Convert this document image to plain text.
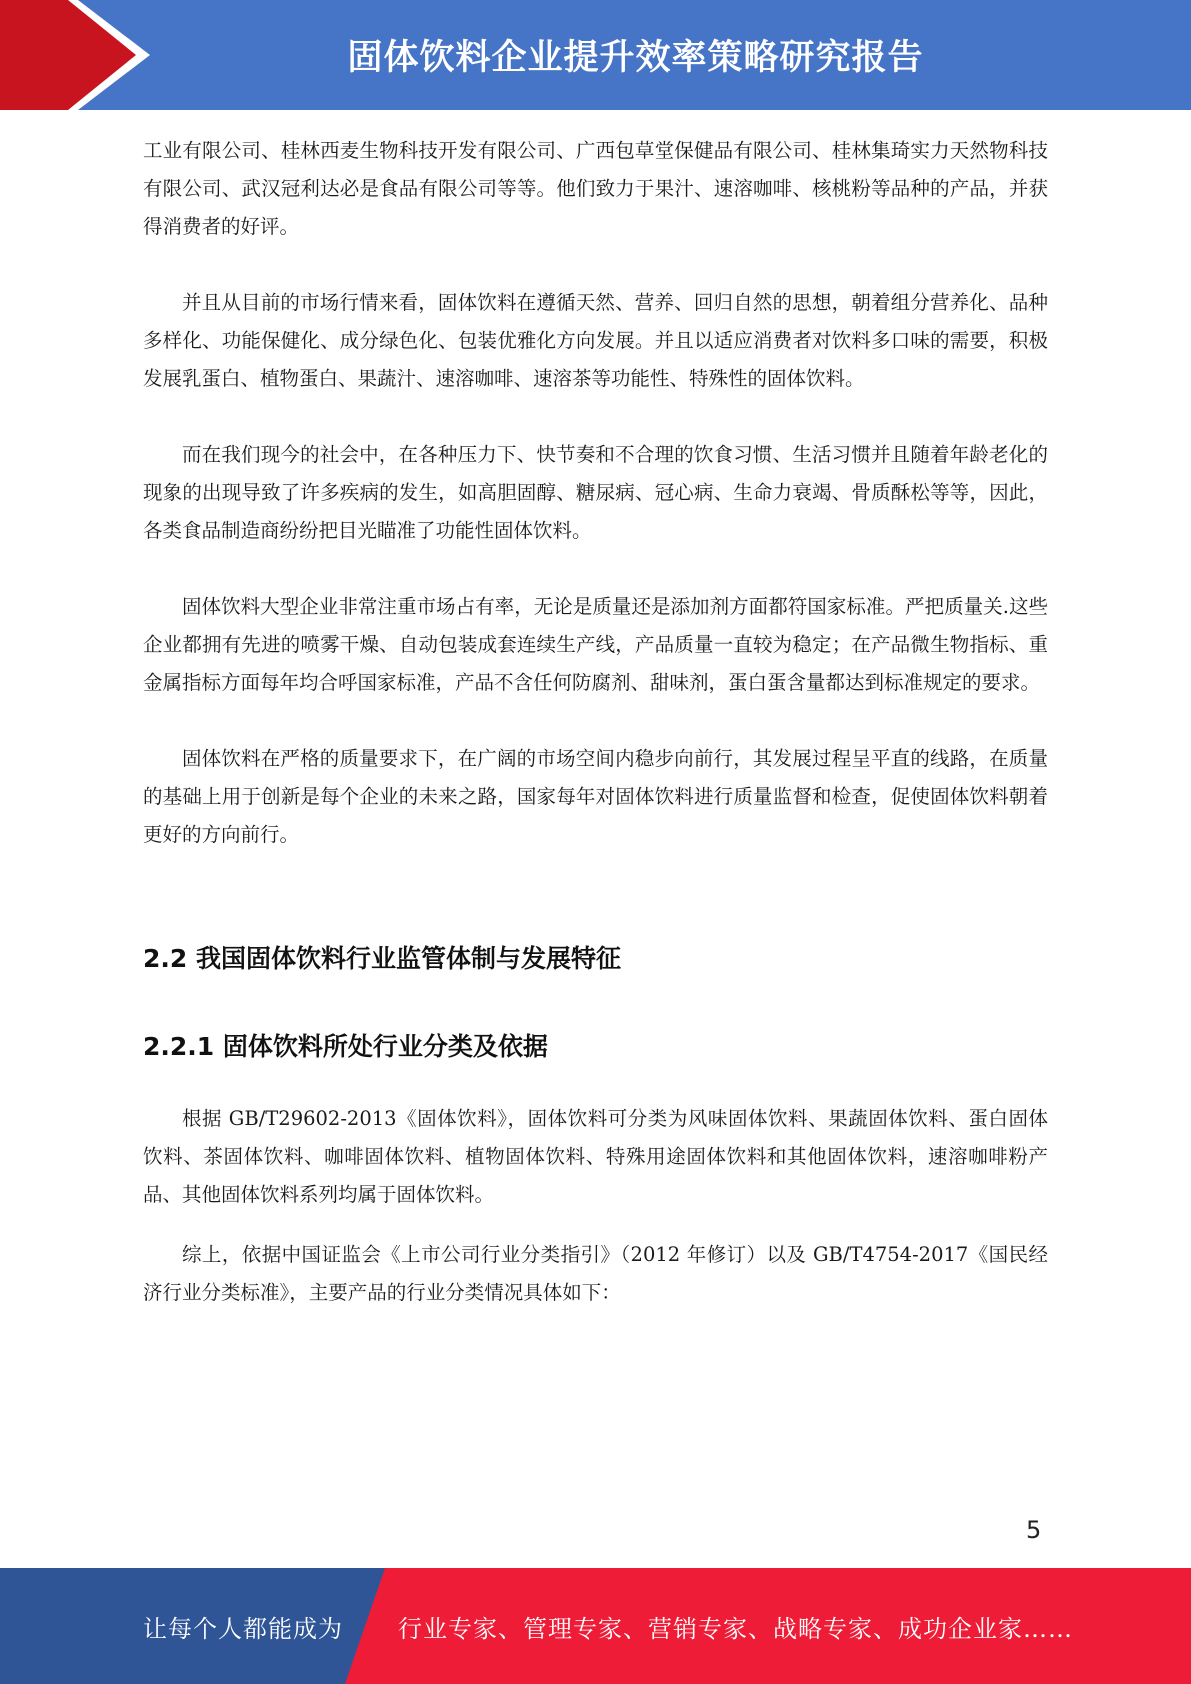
固体饮料企业提升效率策略研究报告

工业有限公司、桂林西麦生物科技开发有限公司、广西包草堂保健品有限公司、桂林集琦实力天然物科技有限公司、武汉冠利达必是食品有限公司等等。他们致力于果汁、速溶咖啡、核桃粉等品种的产品，并获得消费者的好评。

并且从目前的市场行情来看，固体饮料在遵循天然、营养、回归自然的思想，朝着组分营养化、品种多样化、功能保健化、成分绿色化、包装优雅化方向发展。并且以适应消费者对饮料多口味的需要，积极发展乳蛋白、植物蛋白、果蔬汁、速溶咖啡、速溶茶等功能性、特殊性的固体饮料。

而在我们现今的社会中，在各种压力下、快节奏和不合理的饮食习惯、生活习惯并且随着年龄老化的现象的出现导致了许多疾病的发生，如高胆固醇、糖尿病、冠心病、生命力衰竭、骨质酥松等等，因此，各类食品制造商纷纷把目光瞄准了功能性固体饮料。

固体饮料大型企业非常注重市场占有率，无论是质量还是添加剂方面都符国家标准。严把质量关.这些企业都拥有先进的喷雾干燥、自动包装成套连续生产线，产品质量一直较为稳定；在产品微生物指标、重金属指标方面每年均合呼国家标准，产品不含任何防腐剂、甜味剂，蛋白蛋含量都达到标准规定的要求。

固体饮料在严格的质量要求下，在广阔的市场空间内稳步向前行，其发展过程呈平直的线路，在质量的基础上用于创新是每个企业的未来之路，国家每年对固体饮料进行质量监督和检查，促使固体饮料朝着更好的方向前行。

2.2 我国固体饮料行业监管体制与发展特征
2.2.1 固体饮料所处行业分类及依据

根据 GB/T29602-2013《固体饮料》，固体饮料可分类为风味固体饮料、果蔬固体饮料、蛋白固体饮料、茶固体饮料、咖啡固体饮料、植物固体饮料、特殊用途固体饮料和其他固体饮料，速溶咖啡粉产品、其他固体饮料系列均属于固体饮料。

综上，依据中国证监会《上市公司行业分类指引》（2012 年修订）以及 GB/T4754-2017《国民经济行业分类标准》，主要产品的行业分类情况具体如下：

5
让每个人都能成为 行业专家、管理专家、营销专家、战略专家、成功企业家……
